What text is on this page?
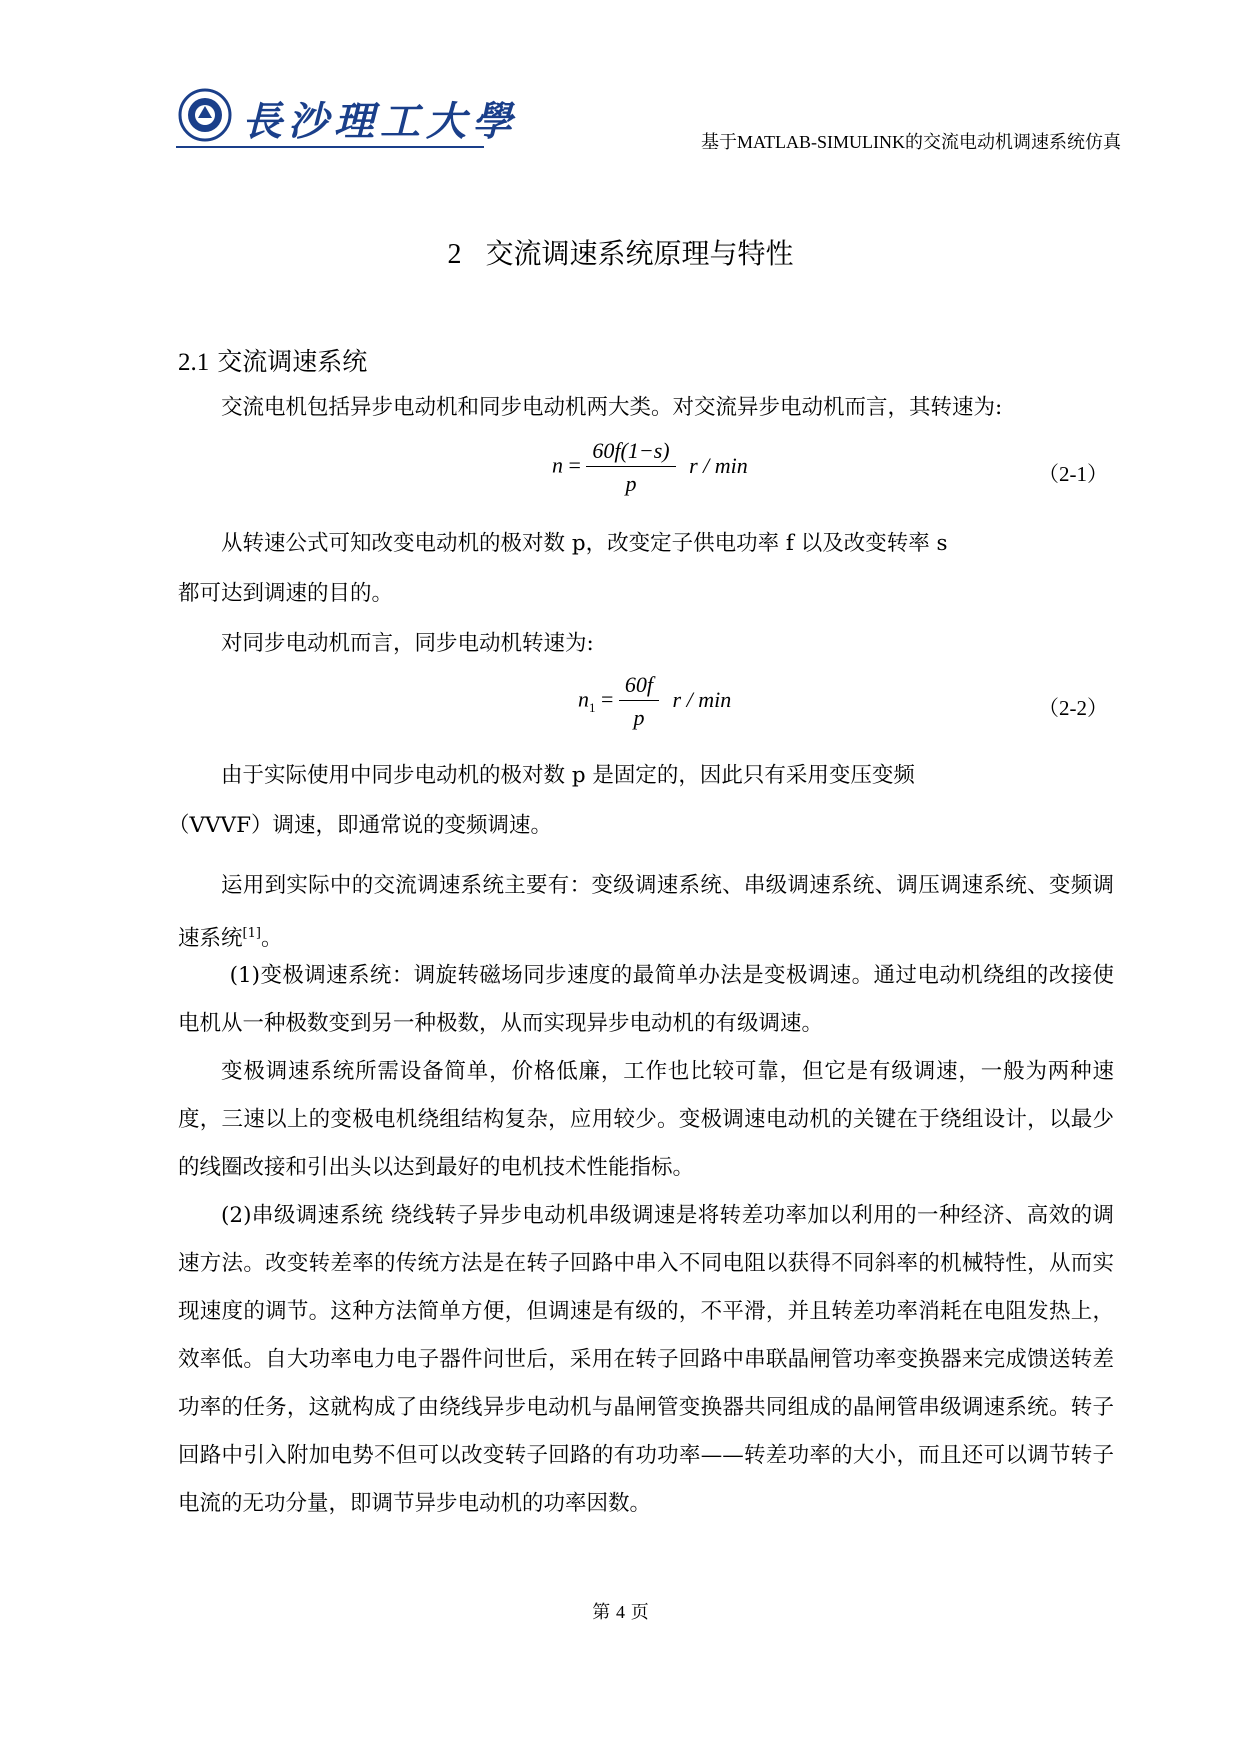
長沙理工大學	基于MATLAB-SIMULINK的交流电动机调速系统仿真
2 交流调速系统原理与特性
2.1 交流调速系统
交流电机包括异步电动机和同步电动机两大类。对交流异步电动机而言，其转速为:
$n = \frac{60f(1-s)}{p}$ r / min	（2-1）
从转速公式可知改变电动机的极对数 p，改变定子供电功率 f 以及改变转率 s
都可达到调速的目的。
对同步电动机而言，同步电动机转速为:
$n_1 = \frac{60f}{p}$ r / min	（2-2）
由于实际使用中同步电动机的极对数 p 是固定的，因此只有采用变压变频
（VVVF）调速，即通常说的变频调速。
运用到实际中的交流调速系统主要有：变级调速系统、串级调速系统、调压调速系统、变频调速系统[1]。
(1)变极调速系统：调旋转磁场同步速度的最简单办法是变极调速。通过电动机绕组的改接使电机从一种极数变到另一种极数，从而实现异步电动机的有级调速。
变极调速系统所需设备简单，价格低廉，工作也比较可靠，但它是有级调速，一般为两种速度，三速以上的变极电机绕组结构复杂，应用较少。变极调速电动机的关键在于绕组设计，以最少的线圈改接和引出头以达到最好的电机技术性能指标。
(2)串级调速系统 绕线转子异步电动机串级调速是将转差功率加以利用的一种经济、高效的调速方法。改变转差率的传统方法是在转子回路中串入不同电阻以获得不同斜率的机械特性，从而实现速度的调节。这种方法简单方便，但调速是有级的，不平滑，并且转差功率消耗在电阻发热上，效率低。自大功率电力电子器件问世后，采用在转子回路中串联晶闸管功率变换器来完成馈送转差功率的任务，这就构成了由绕线异步电动机与晶闸管变换器共同组成的晶闸管串级调速系统。转子回路中引入附加电势不但可以改变转子回路的有功功率——转差功率的大小，而且还可以调节转子电流的无功分量，即调节异步电动机的功率因数。
第 4 页
